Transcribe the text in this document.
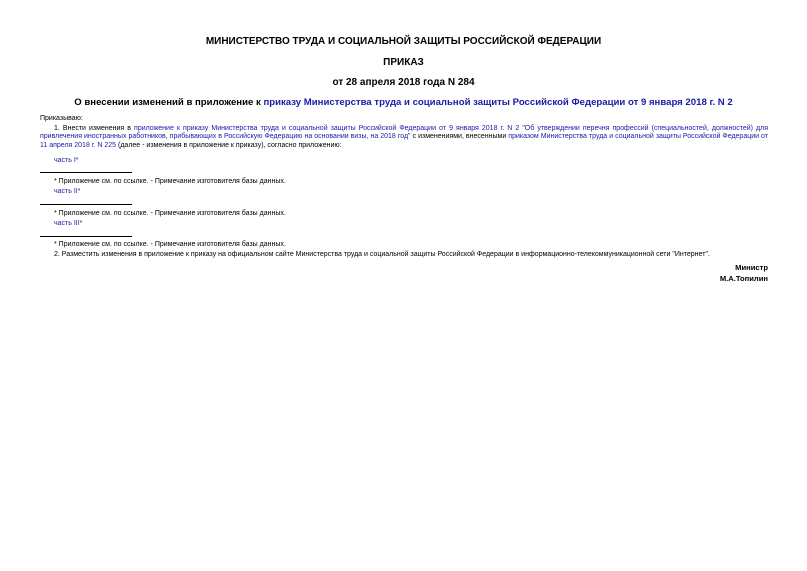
МИНИСТЕРСТВО ТРУДА И СОЦИАЛЬНОЙ ЗАЩИТЫ РОССИЙСКОЙ ФЕДЕРАЦИИ
ПРИКАЗ
от 28 апреля 2018 года N 284
О внесении изменений в приложение к приказу Министерства труда и социальной защиты Российской Федерации от 9 января 2018 г. N 2
Приказываю:
1. Внести изменения в приложение к приказу Министерства труда и социальной защиты Российской Федерации от 9 января 2018 г. N 2 "Об утверждении перечня профессий (специальностей, должностей) для привлечения иностранных работников, прибывающих в Российскую Федерацию на основании визы, на 2018 год" с изменениями, внесенными приказом Министерства труда и социальной защиты Российской Федерации от 11 апреля 2018 г. N 225 (далее - изменения в приложение к приказу), согласно приложению:
часть I*
* Приложение см. по ссылке. - Примечание изготовителя базы данных.
часть II*
* Приложение см. по ссылке. - Примечание изготовителя базы данных.
часть III*
* Приложение см. по ссылке. - Примечание изготовителя базы данных.
2. Разместить изменения в приложение к приказу на официальном сайте Министерства труда и социальной защиты Российской Федерации в информационно-телекоммуникационной сети "Интернет".
Министр
М.А.Топилин
